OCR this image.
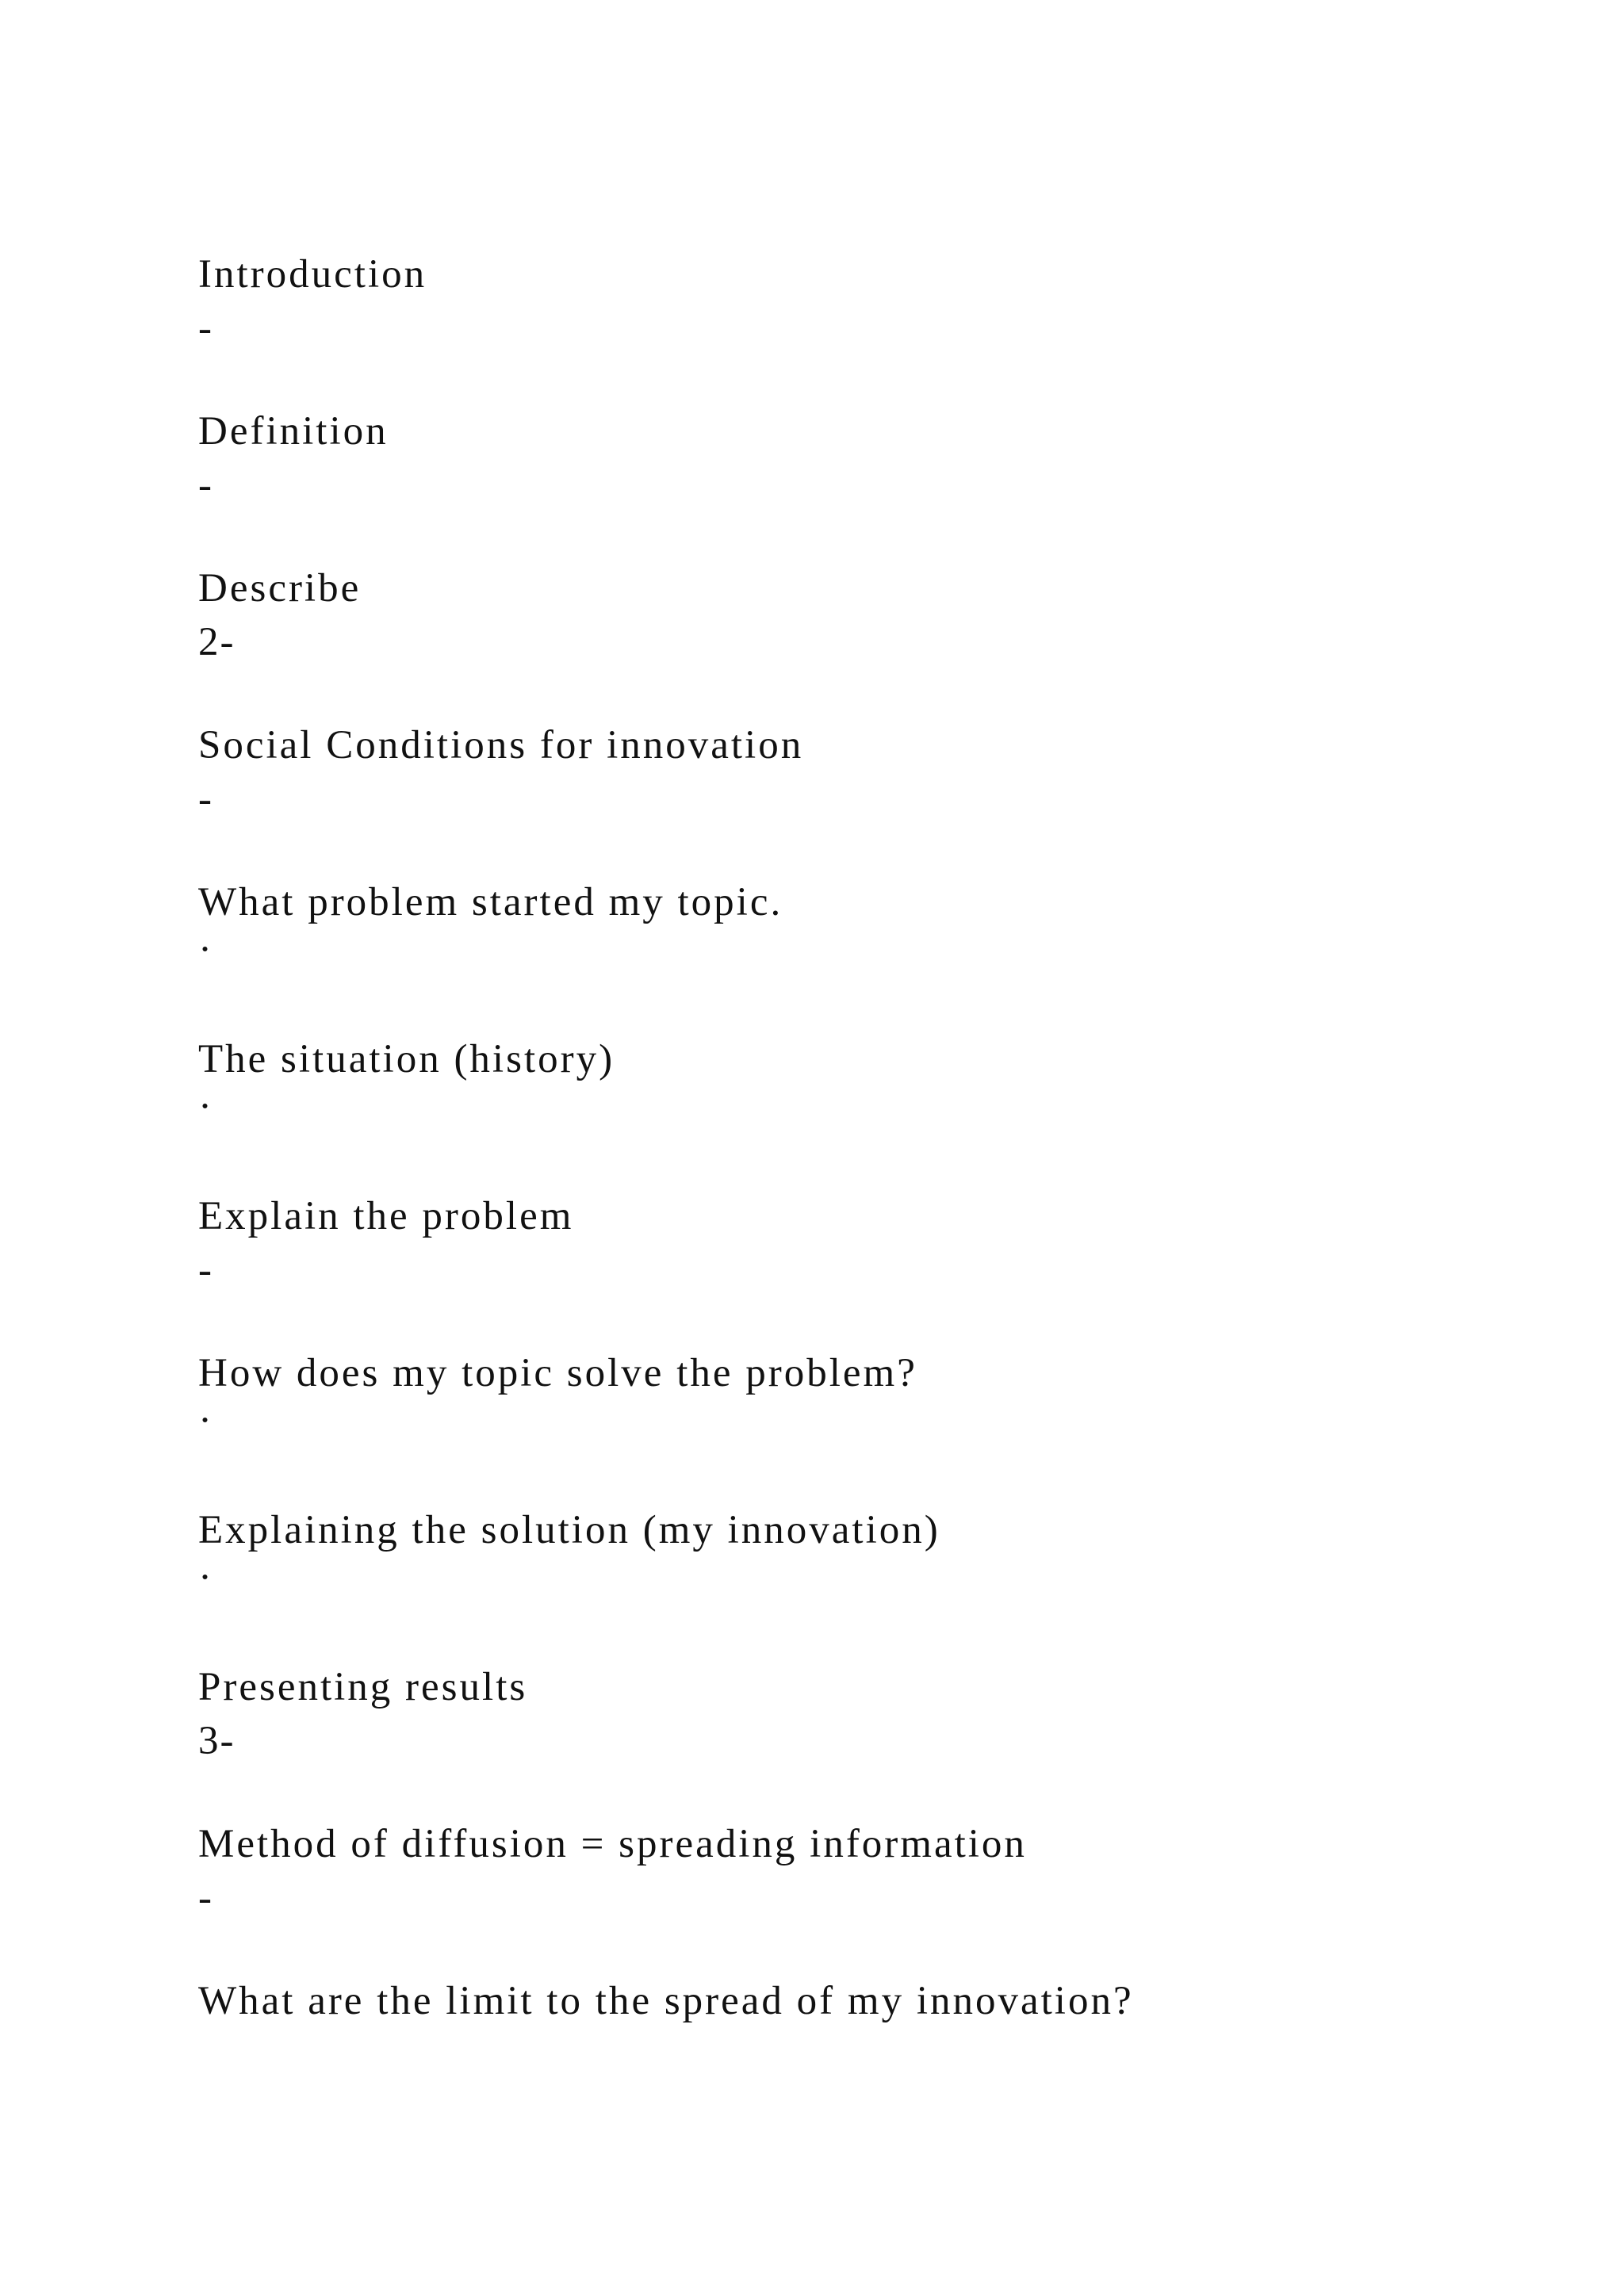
Introduction
-
Definition
-
Describe
2-
Social Conditions for innovation
-
What problem started my topic.
·
The situation (history)
·
Explain the problem
-
How does my topic solve the problem?
·
Explaining the solution (my innovation)
·
Presenting results
3-
Method of diffusion = spreading information
-
What are the limit to the spread of my innovation?
